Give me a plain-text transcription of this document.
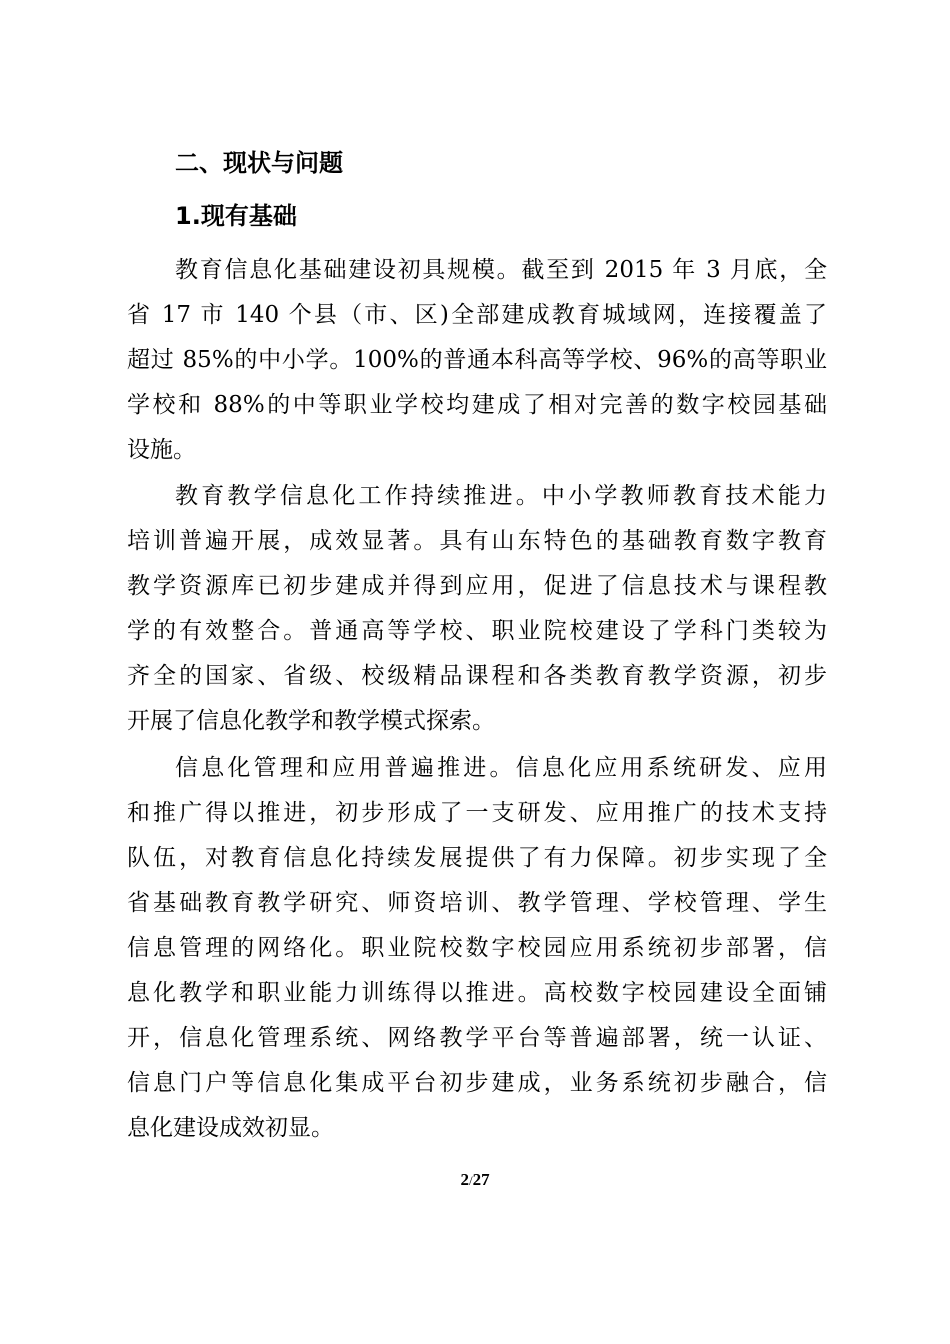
二、现状与问题
1.现有基础
教育信息化基础建设初具规模。截至到 2015 年 3 月底，全
省 17 市 140 个县（市、区)全部建成教育城域网，连接覆盖了
超过 85%的中小学。100%的普通本科高等学校、96%的高等职业
学校和 88%的中等职业学校均建成了相对完善的数字校园基础
设施。
教育教学信息化工作持续推进。中小学教师教育技术能力
培训普遍开展，成效显著。具有山东特色的基础教育数字教育
教学资源库已初步建成并得到应用，促进了信息技术与课程教
学的有效整合。普通高等学校、职业院校建设了学科门类较为
齐全的国家、省级、校级精品课程和各类教育教学资源，初步
开展了信息化教学和教学模式探索。
信息化管理和应用普遍推进。信息化应用系统研发、应用
和推广得以推进，初步形成了一支研发、应用推广的技术支持
队伍，对教育信息化持续发展提供了有力保障。初步实现了全
省基础教育教学研究、师资培训、教学管理、学校管理、学生
信息管理的网络化。职业院校数字校园应用系统初步部署，信
息化教学和职业能力训练得以推进。高校数字校园建设全面铺
开，信息化管理系统、网络教学平台等普遍部署，统一认证、
信息门户等信息化集成平台初步建成，业务系统初步融合，信
息化建设成效初显。
2/27
